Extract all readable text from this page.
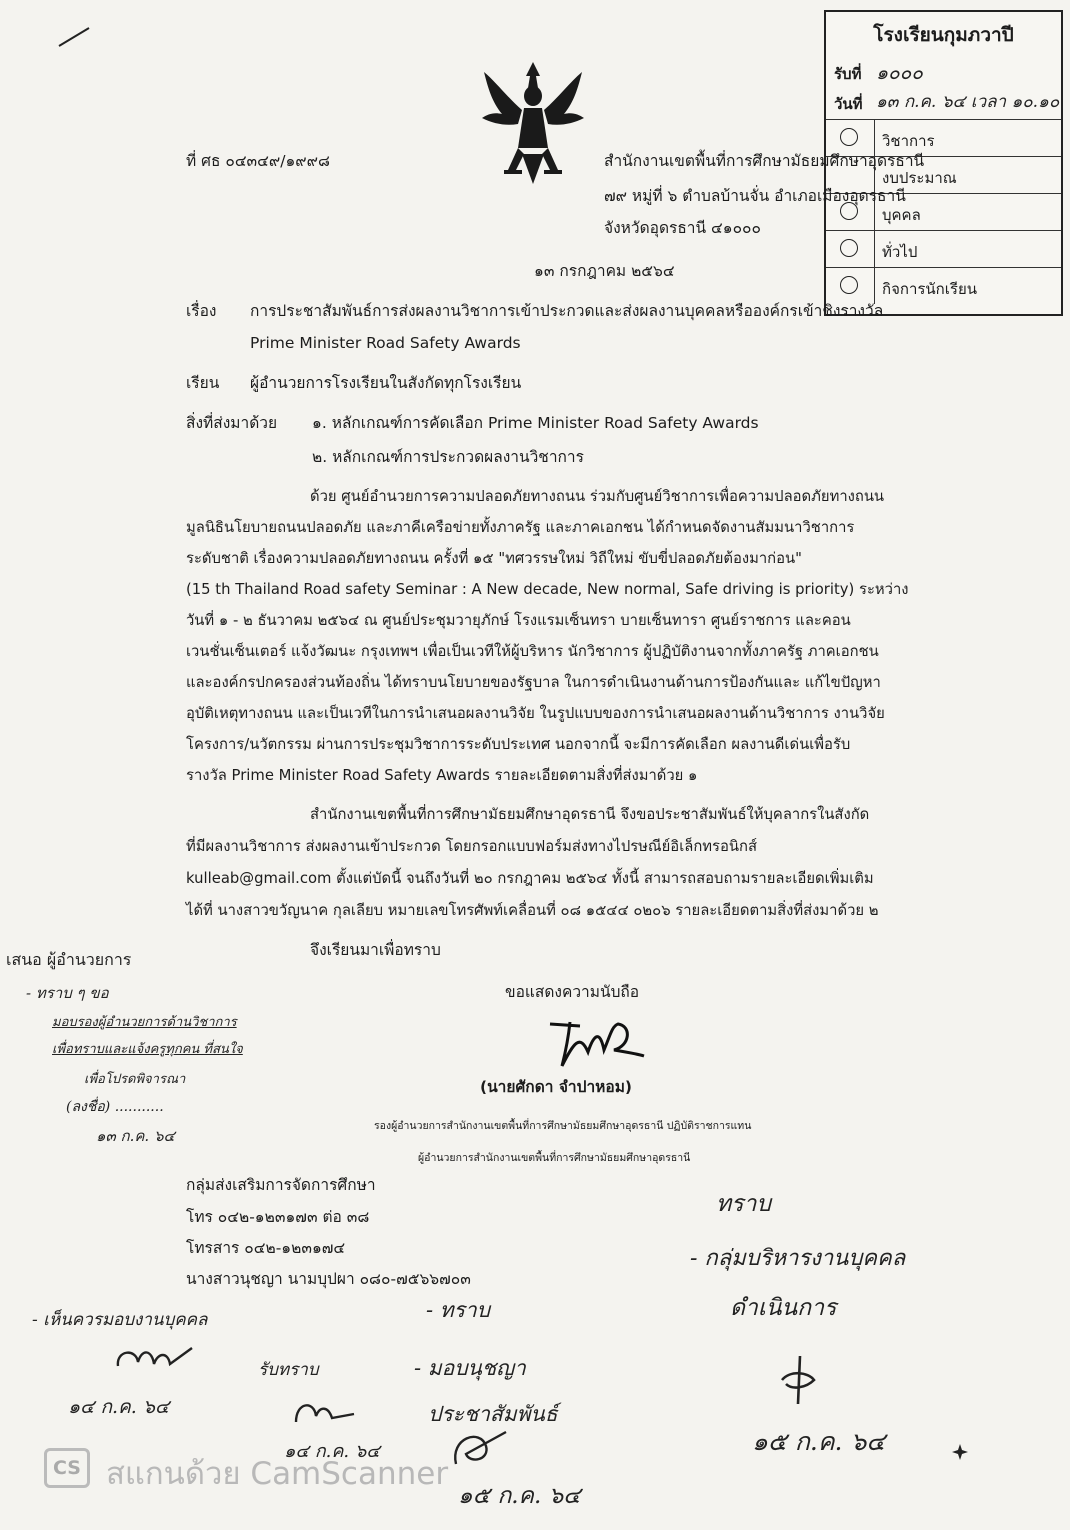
โรงเรียนกุมภวาปี
รับที่ ๑๐๐๐
วันที่ ๑๓ ก.ค. ๖๔ เวลา ๑๐.๑๐
วิชาการ
งบประมาณ
บุคคล
ทั่วไป
กิจการนักเรียน
ที่ ศธ ๐๔๓๔๙/๑๙๙๘	สำนักงานเขตพื้นที่การศึกษามัธยมศึกษาอุดรธานี
๗๙ หมู่ที่ ๖ ตำบลบ้านจั่น อำเภอเมืองอุดรธานี
จังหวัดอุดรธานี ๔๑๐๐๐
๑๓ กรกฎาคม ๒๕๖๔
เรื่อง การประชาสัมพันธ์การส่งผลงานวิชาการเข้าประกวดและส่งผลงานบุคคลหรือองค์กรเข้าชิงรางวัล
Prime Minister Road Safety Awards
เรียน ผู้อำนวยการโรงเรียนในสังกัดทุกโรงเรียน
สิ่งที่ส่งมาด้วย ๑. หลักเกณฑ์การคัดเลือก Prime Minister Road Safety Awards
๒. หลักเกณฑ์การประกวดผลงานวิชาการ
ด้วย ศูนย์อำนวยการความปลอดภัยทางถนน ร่วมกับศูนย์วิชาการเพื่อความปลอดภัยทางถนน
มูลนิธินโยบายถนนปลอดภัย และภาคีเครือข่ายทั้งภาครัฐ และภาคเอกชน ได้กำหนดจัดงานสัมมนาวิชาการ
ระดับชาติ เรื่องความปลอดภัยทางถนน ครั้งที่ ๑๕ "ทศวรรษใหม่ วิถีใหม่ ขับขี่ปลอดภัยต้องมาก่อน"
(15 th Thailand Road safety Seminar : A New decade, New normal, Safe driving is priority) ระหว่าง
วันที่ ๑ - ๒ ธันวาคม ๒๕๖๔ ณ ศูนย์ประชุมวายุภักษ์ โรงแรมเซ็นทรา บายเซ็นทารา ศูนย์ราชการ และคอน
เวนชั่นเซ็นเตอร์ แจ้งวัฒนะ กรุงเทพฯ เพื่อเป็นเวทีให้ผู้บริหาร นักวิชาการ ผู้ปฏิบัติงานจากทั้งภาครัฐ ภาคเอกชน
และองค์กรปกครองส่วนท้องถิ่น ได้ทราบนโยบายของรัฐบาล ในการดำเนินงานด้านการป้องกันและ แก้ไขปัญหา
อุบัติเหตุทางถนน และเป็นเวทีในการนำเสนอผลงานวิจัย ในรูปแบบของการนำเสนอผลงานด้านวิชาการ งานวิจัย
โครงการ/นวัตกรรม ผ่านการประชุมวิชาการระดับประเทศ นอกจากนี้ จะมีการคัดเลือก ผลงานดีเด่นเพื่อรับ
รางวัล Prime Minister Road Safety Awards รายละเอียดตามสิ่งที่ส่งมาด้วย ๑
สำนักงานเขตพื้นที่การศึกษามัธยมศึกษาอุดรธานี จึงขอประชาสัมพันธ์ให้บุคลากรในสังกัด
ที่มีผลงานวิชาการ ส่งผลงานเข้าประกวด โดยกรอกแบบฟอร์มส่งทางไปรษณีย์อิเล็กทรอนิกส์
kulleab@gmail.com ตั้งแต่บัดนี้ จนถึงวันที่ ๒๐ กรกฎาคม ๒๕๖๔ ทั้งนี้ สามารถสอบถามรายละเอียดเพิ่มเติม
ได้ที่ นางสาวขวัญนาค กุลเลียบ หมายเลขโทรศัพท์เคลื่อนที่ ๐๘ ๑๕๔๔ ๐๒๐๖ รายละเอียดตามสิ่งที่ส่งมาด้วย ๒
จึงเรียนมาเพื่อทราบ
ขอแสดงความนับถือ
(นายศักดา จำปาหอม)
รองผู้อำนวยการสำนักงานเขตพื้นที่การศึกษามัธยมศึกษาอุดรธานี ปฏิบัติราชการแทน
ผู้อำนวยการสำนักงานเขตพื้นที่การศึกษามัธยมศึกษาอุดรธานี
กลุ่มส่งเสริมการจัดการศึกษา
โทร ๐๔๒-๑๒๓๑๗๓ ต่อ ๓๘
โทรสาร ๐๔๒-๑๒๓๑๗๔
นางสาวนุชญา นามบุปผา ๐๘๐-๗๕๖๖๗๐๓
เสนอ ผู้อำนวยการ
- ทราบ ๆ ขอ
มอบรองผู้อำนวยการด้านวิชาการ
เพื่อทราบและแจ้งครูทุกคน ที่สนใจ
เพื่อโปรดพิจารณา
(ลงชื่อ) ...........
๑๓ ก.ค. ๖๔
- เห็นควรมอบงานบุคคล
๑๔ ก.ค. ๖๔
รับทราบ
๑๔ ก.ค. ๖๔
- ทราบ
- มอบนุชญา
ประชาสัมพันธ์
๑๕ ก.ค. ๖๔
ทราบ
- กลุ่มบริหารงานบุคคล
ดำเนินการ
๑๕ ก.ค. ๖๔
CS สแกนด้วย CamScanner
